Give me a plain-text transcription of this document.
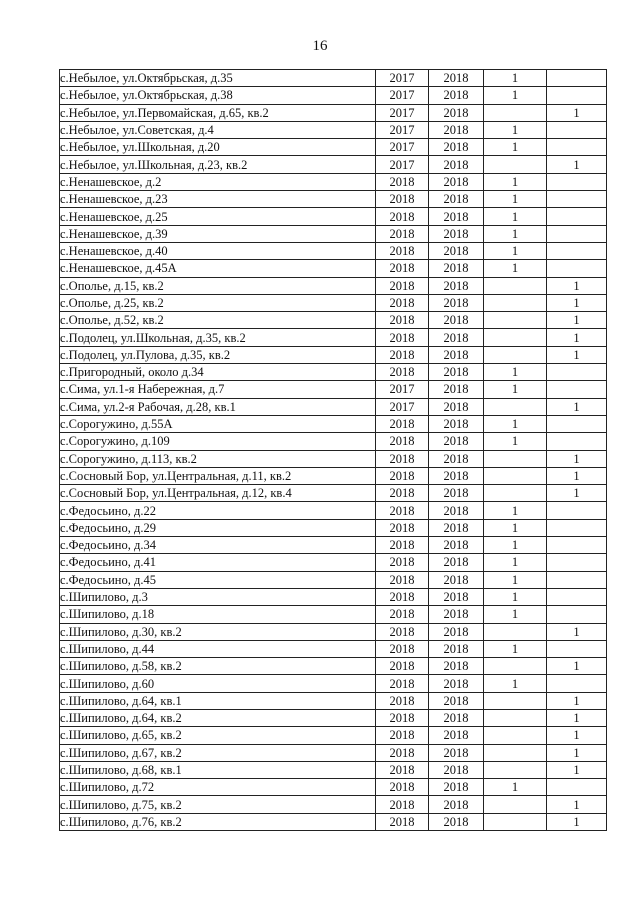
16
с.Небылое, ул.Октябрьская, д.35	2017	2018	1	
с.Небылое, ул.Октябрьская, д.38	2017	2018	1	
с.Небылое, ул.Первомайская, д.65, кв.2	2017	2018		1
с.Небылое, ул.Советская, д.4	2017	2018	1	
с.Небылое, ул.Школьная, д.20	2017	2018	1	
с.Небылое, ул.Школьная, д.23, кв.2	2017	2018		1
с.Ненашевское, д.2	2018	2018	1	
с.Ненашевское, д.23	2018	2018	1	
с.Ненашевское, д.25	2018	2018	1	
с.Ненашевское, д.39	2018	2018	1	
с.Ненашевское, д.40	2018	2018	1	
с.Ненашевское, д.45А	2018	2018	1	
с.Ополье, д.15, кв.2	2018	2018		1
с.Ополье, д.25, кв.2	2018	2018		1
с.Ополье, д.52, кв.2	2018	2018		1
с.Подолец, ул.Школьная, д.35, кв.2	2018	2018		1
с.Подолец, ул.Пулова, д.35, кв.2	2018	2018		1
с.Пригородный, около д.34	2018	2018	1	
с.Сима, ул.1-я Набережная, д.7	2017	2018	1	
с.Сима, ул.2-я Рабочая, д.28, кв.1	2017	2018		1
с.Сорогужино, д.55А	2018	2018	1	
с.Сорогужино, д.109	2018	2018	1	
с.Сорогужино, д.113, кв.2	2018	2018		1
с.Сосновый Бор, ул.Центральная, д.11, кв.2	2018	2018		1
с.Сосновый Бор, ул.Центральная, д.12, кв.4	2018	2018		1
с.Федосьино, д.22	2018	2018	1	
с.Федосьино, д.29	2018	2018	1	
с.Федосьино, д.34	2018	2018	1	
с.Федосьино, д.41	2018	2018	1	
с.Федосьино, д.45	2018	2018	1	
с.Шипилово, д.3	2018	2018	1	
с.Шипилово, д.18	2018	2018	1	
с.Шипилово, д.30, кв.2	2018	2018		1
с.Шипилово, д.44	2018	2018	1	
с.Шипилово, д.58, кв.2	2018	2018		1
с.Шипилово, д.60	2018	2018	1	
с.Шипилово, д.64, кв.1	2018	2018		1
с.Шипилово, д.64, кв.2	2018	2018		1
с.Шипилово, д.65, кв.2	2018	2018		1
с.Шипилово, д.67, кв.2	2018	2018		1
с.Шипилово, д.68, кв.1	2018	2018		1
с.Шипилово, д.72	2018	2018	1	
с.Шипилово, д.75, кв.2	2018	2018		1
с.Шипилово, д.76, кв.2	2018	2018		1
